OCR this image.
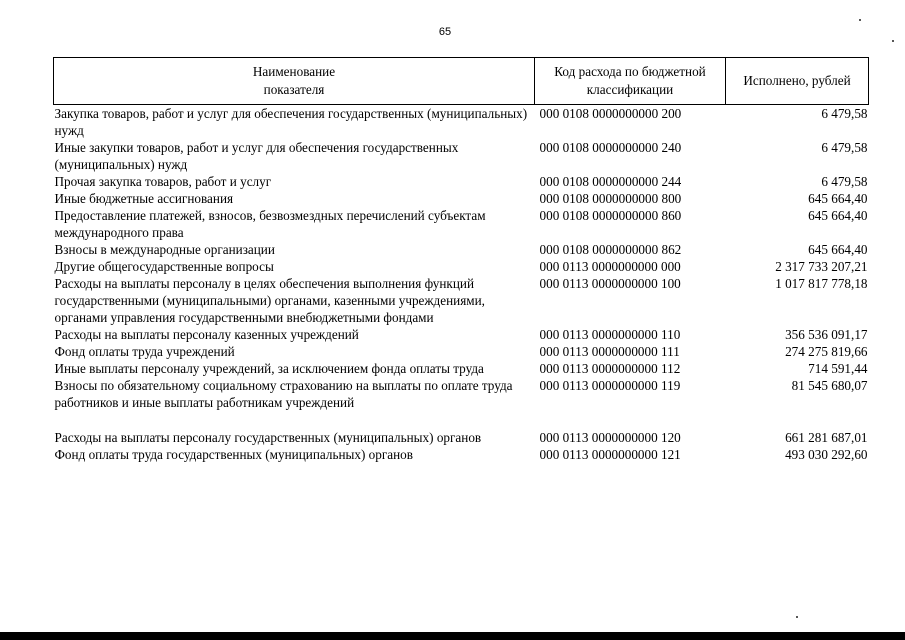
65
Наименование
показателя	Код расхода по бюджетной классификации	Исполнено, рублей
Закупка товаров, работ и услуг для обеспечения государственных (муниципальных) нужд	000 0108 0000000000 200	6 479,58
Иные закупки товаров, работ и услуг для обеспечения государственных (муниципальных) нужд	000 0108 0000000000 240	6 479,58
Прочая закупка товаров, работ и услуг	000 0108 0000000000 244	6 479,58
Иные бюджетные ассигнования	000 0108 0000000000 800	645 664,40
Предоставление платежей, взносов, безвозмездных перечислений субъектам международного права	000 0108 0000000000 860	645 664,40
Взносы в международные организации	000 0108 0000000000 862	645 664,40
Другие общегосударственные вопросы	000 0113 0000000000 000	2 317 733 207,21
Расходы на выплаты персоналу в целях обеспечения выполнения функций государственными (муниципальными) органами, казенными учреждениями, органами управления государственными внебюджетными фондами	000 0113 0000000000 100	1 017 817 778,18
Расходы на выплаты персоналу казенных учреждений	000 0113 0000000000 110	356 536 091,17
Фонд оплаты труда учреждений	000 0113 0000000000 111	274 275 819,66
Иные выплаты персоналу учреждений, за исключением фонда оплаты труда	000 0113 0000000000 112	714 591,44
Взносы по обязательному социальному страхованию на выплаты по оплате труда работников и иные выплаты работникам учреждений	000 0113 0000000000 119	81 545 680,07

Расходы на выплаты персоналу государственных (муниципальных) органов	000 0113 0000000000 120	661 281 687,01
Фонд оплаты труда государственных (муниципальных) органов	000 0113 0000000000 121	493 030 292,60
